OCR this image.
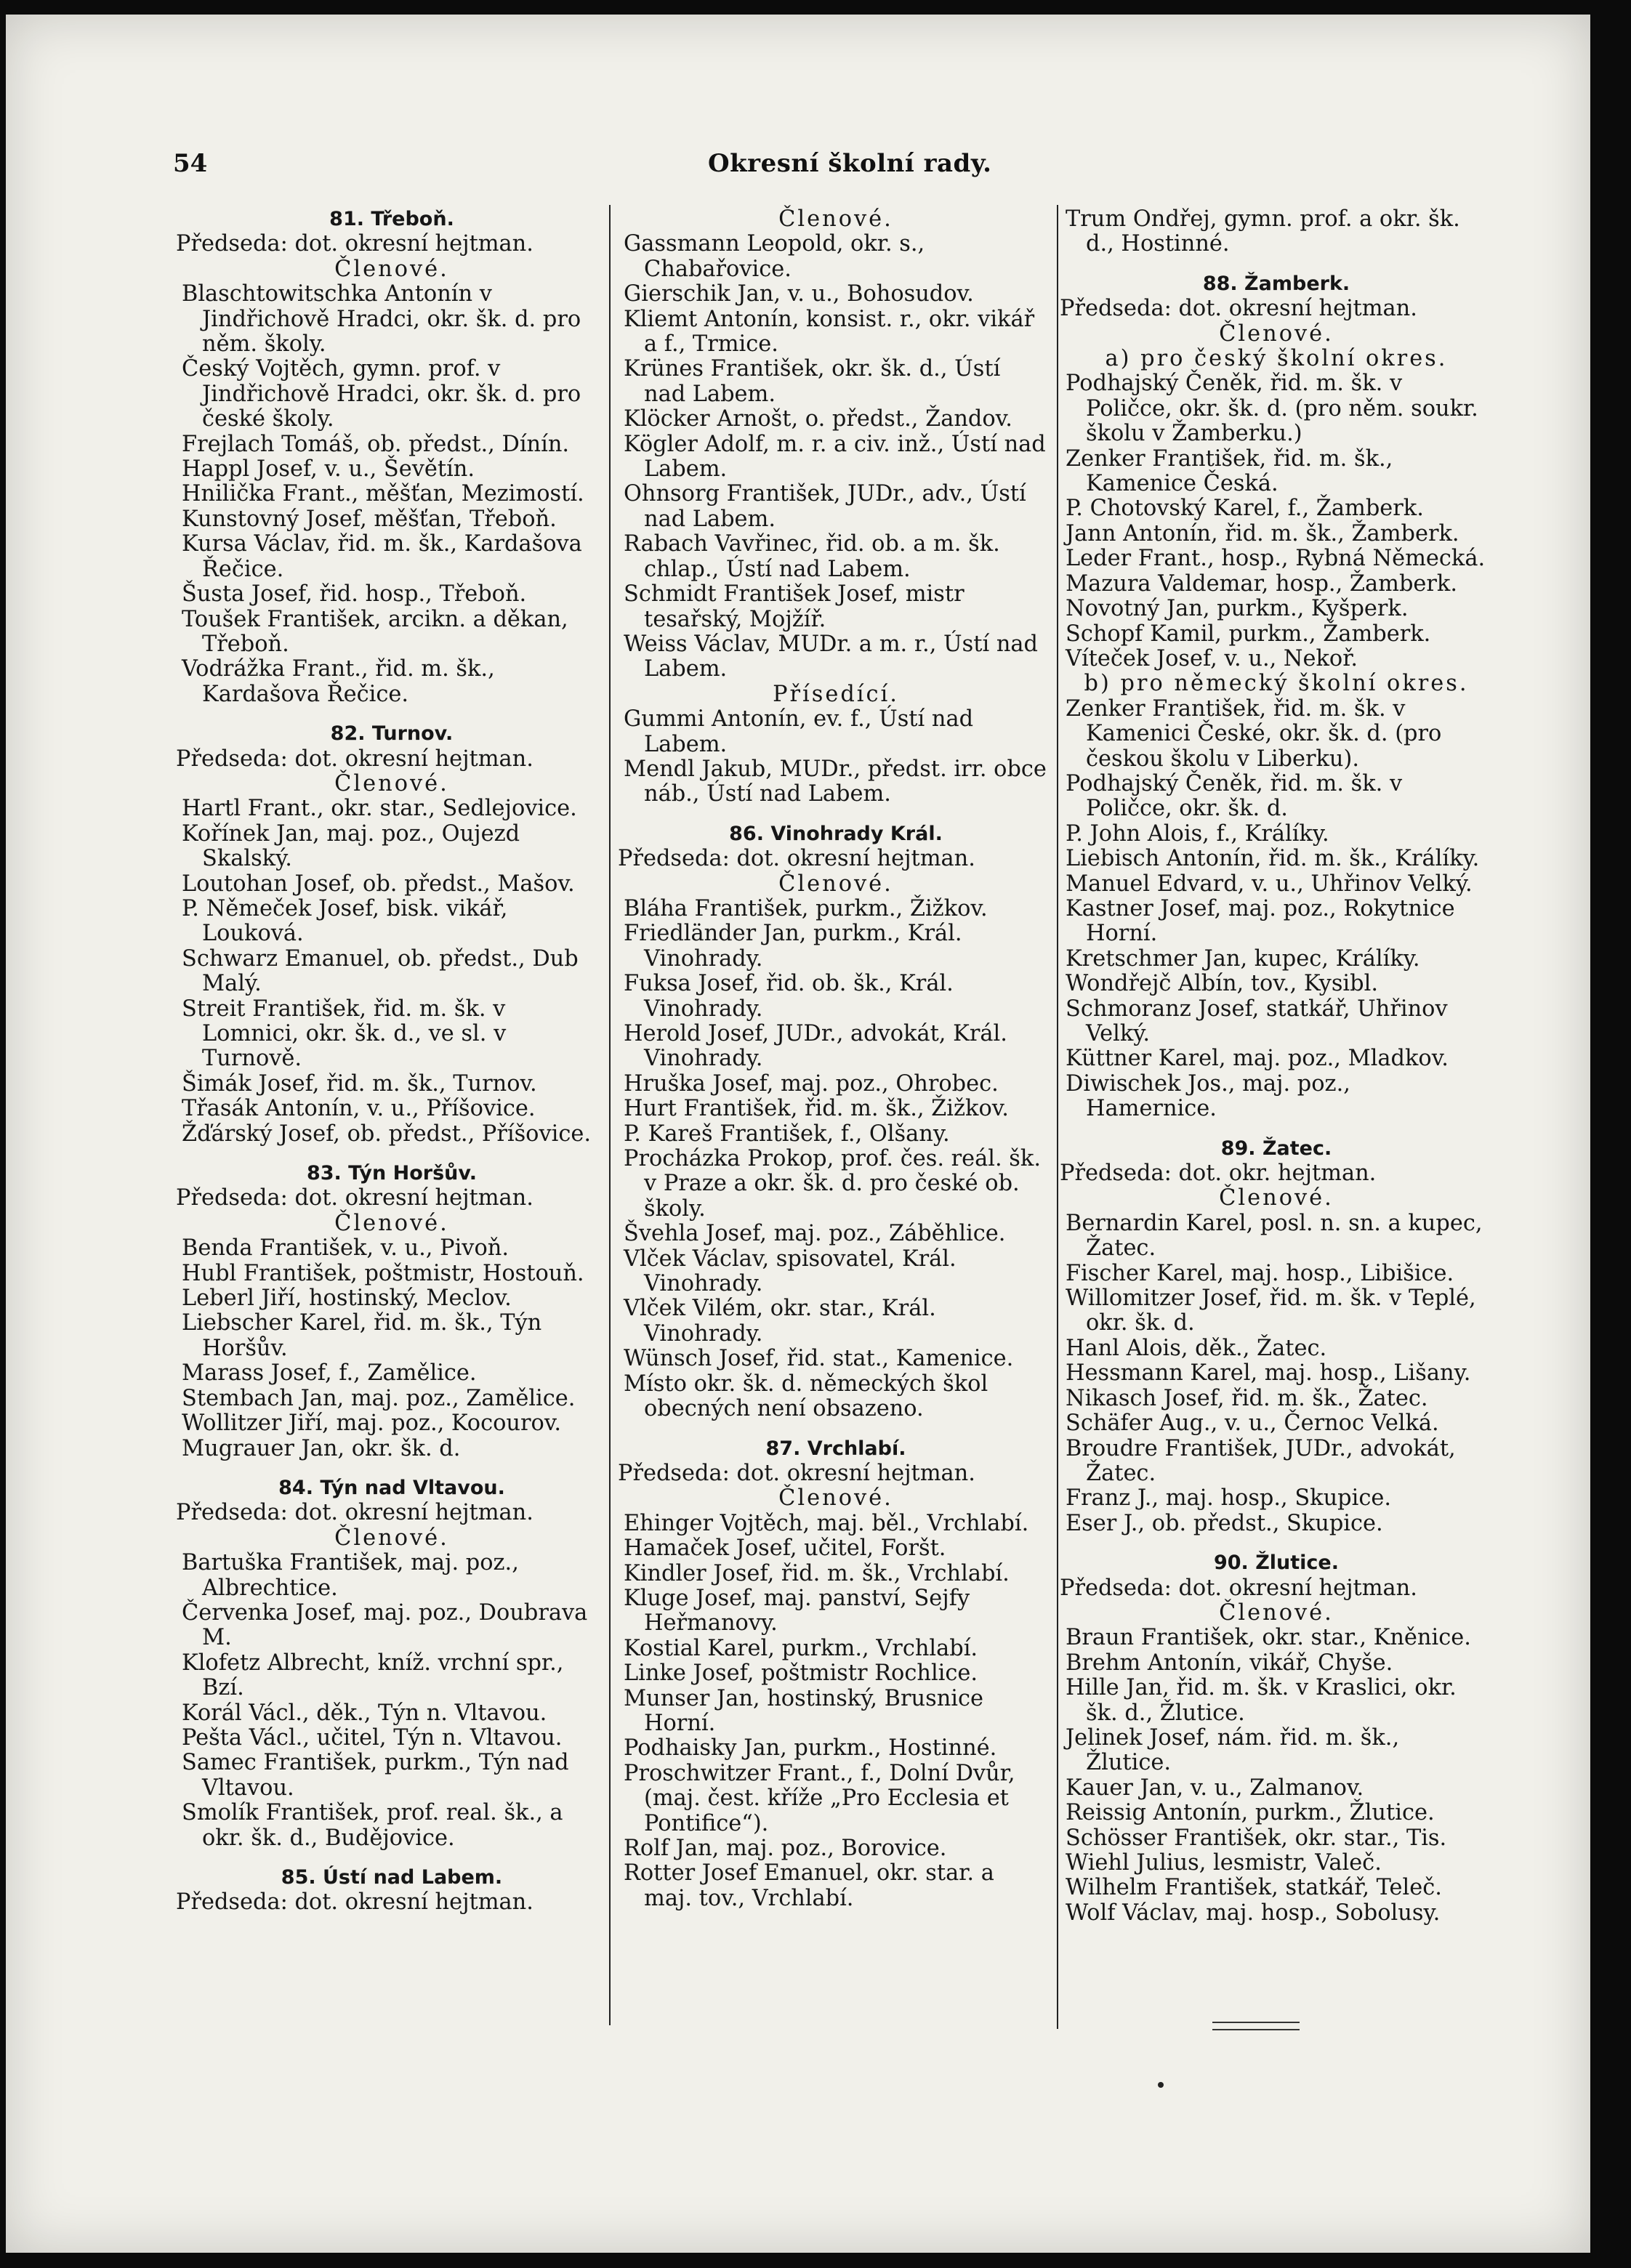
54	Okresní školní rady.
81. Třeboň.
Předseda: dot. okresní hejtman.
Členové.
Blaschtowitschka Antonín v Jindřichově Hradci, okr. šk. d. pro něm. školy.
Český Vojtěch, gymn. prof. v Jindřichově Hradci, okr. šk. d. pro české školy.
Frejlach Tomáš, ob. předst., Dínín.
Happl Josef, v. u., Ševětín.
Hnilička Frant., měšťan, Mezimostí.
Kunstovný Josef, měšťan, Třeboň.
Kursa Václav, řid. m. šk., Kardašova Řečice.
Šusta Josef, řid. hosp., Třeboň.
Toušek František, arcikn. a děkan, Třeboň.
Vodrážka Frant., řid. m. šk., Kardašova Řečice.
82. Turnov.
Předseda: dot. okresní hejtman.
Členové.
Hartl Frant., okr. star., Sedlejovice.
Kořínek Jan, maj. poz., Oujezd Skalský.
Loutohan Josef, ob. předst., Mašov.
P. Němeček Josef, bisk. vikář, Louková.
Schwarz Emanuel, ob. předst., Dub Malý.
Streit František, řid. m. šk. v Lomnici, okr. šk. d., ve sl. v Turnově.
Šimák Josef, řid. m. šk., Turnov.
Třasák Antonín, v. u., Příšovice.
Žďárský Josef, ob. předst., Příšovice.
83. Týn Horšův.
Předseda: dot. okresní hejtman.
Členové.
Benda František, v. u., Pivoň.
Hubl František, poštmistr, Hostouň.
Leberl Jiří, hostinský, Meclov.
Liebscher Karel, řid. m. šk., Týn Horšův.
Marass Josef, f., Zamělice.
Stembach Jan, maj. poz., Zamělice.
Wollitzer Jiří, maj. poz., Kocourov.
Mugrauer Jan, okr. šk. d.
84. Týn nad Vltavou.
Předseda: dot. okresní hejtman.
Členové.
Bartuška František, maj. poz., Albrechtice.
Červenka Josef, maj. poz., Doubrava M.
Klofetz Albrecht, kníž. vrchní spr., Bzí.
Korál Václ., děk., Týn n. Vltavou.
Pešta Václ., učitel, Týn n. Vltavou.
Samec František, purkm., Týn nad Vltavou.
Smolík František, prof. real. šk., a okr. šk. d., Budějovice.
85. Ústí nad Labem.
Předseda: dot. okresní hejtman.
Členové.
Gassmann Leopold, okr. s., Chabařovice.
Gierschik Jan, v. u., Bohosudov.
Kliemt Antonín, konsist. r., okr. vikář a f., Trmice.
Krünes František, okr. šk. d., Ústí nad Labem.
Klöcker Arnošt, o. předst., Žandov.
Kögler Adolf, m. r. a civ. inž., Ústí nad Labem.
Ohnsorg František, JUDr., adv., Ústí nad Labem.
Rabach Vavřinec, řid. ob. a m. šk. chlap., Ústí nad Labem.
Schmidt František Josef, mistr tesařský, Mojžíř.
Weiss Václav, MUDr. a m. r., Ústí nad Labem.
Přísedící.
Gummi Antonín, ev. f., Ústí nad Labem.
Mendl Jakub, MUDr., předst. irr. obce náb., Ústí nad Labem.
86. Vinohrady Král.
Předseda: dot. okresní hejtman.
Členové.
Bláha František, purkm., Žižkov.
Friedländer Jan, purkm., Král. Vinohrady.
Fuksa Josef, řid. ob. šk., Král. Vinohrady.
Herold Josef, JUDr., advokát, Král. Vinohrady.
Hruška Josef, maj. poz., Ohrobec.
Hurt František, řid. m. šk., Žižkov.
P. Kareš František, f., Olšany.
Procházka Prokop, prof. čes. reál. šk. v Praze a okr. šk. d. pro české ob. školy.
Švehla Josef, maj. poz., Záběhlice.
Vlček Václav, spisovatel, Král. Vinohrady.
Vlček Vilém, okr. star., Král. Vinohrady.
Wünsch Josef, řid. stat., Kamenice.
Místo okr. šk. d. německých škol obecných není obsazeno.
87. Vrchlabí.
Předseda: dot. okresní hejtman.
Členové.
Ehinger Vojtěch, maj. běl., Vrchlabí.
Hamaček Josef, učitel, Foršt.
Kindler Josef, řid. m. šk., Vrchlabí.
Kluge Josef, maj. panství, Sejfy Heřmanovy.
Kostial Karel, purkm., Vrchlabí.
Linke Josef, poštmistr Rochlice.
Munser Jan, hostinský, Brusnice Horní.
Podhaisky Jan, purkm., Hostinné.
Proschwitzer Frant., f., Dolní Dvůr, (maj. čest. kříže „Pro Ecclesia et Pontifice“).
Rolf Jan, maj. poz., Borovice.
Rotter Josef Emanuel, okr. star. a maj. tov., Vrchlabí.
Trum Ondřej, gymn. prof. a okr. šk. d., Hostinné.
88. Žamberk.
Předseda: dot. okresní hejtman.
Členové.
a) pro český školní okres.
Podhajský Čeněk, řid. m. šk. v Poličce, okr. šk. d. (pro něm. soukr. školu v Žamberku.)
Zenker František, řid. m. šk., Kamenice Česká.
P. Chotovský Karel, f., Žamberk.
Jann Antonín, řid. m. šk., Žamberk.
Leder Frant., hosp., Rybná Německá.
Mazura Valdemar, hosp., Žamberk.
Novotný Jan, purkm., Kyšperk.
Schopf Kamil, purkm., Žamberk.
Víteček Josef, v. u., Nekoř.
b) pro německý školní okres.
Zenker František, řid. m. šk. v Kamenici České, okr. šk. d. (pro českou školu v Liberku).
Podhajský Čeněk, řid. m. šk. v Poličce, okr. šk. d.
P. John Alois, f., Králíky.
Liebisch Antonín, řid. m. šk., Králíky.
Manuel Edvard, v. u., Uhřinov Velký.
Kastner Josef, maj. poz., Rokytnice Horní.
Kretschmer Jan, kupec, Králíky.
Wondřejč Albín, tov., Kysibl.
Schmoranz Josef, statkář, Uhřinov Velký.
Küttner Karel, maj. poz., Mladkov.
Diwischek Jos., maj. poz., Hamernice.
89. Žatec.
Předseda: dot. okr. hejtman.
Členové.
Bernardin Karel, posl. n. sn. a kupec, Žatec.
Fischer Karel, maj. hosp., Libišice.
Willomitzer Josef, řid. m. šk. v Teplé, okr. šk. d.
Hanl Alois, děk., Žatec.
Hessmann Karel, maj. hosp., Lišany.
Nikasch Josef, řid. m. šk., Žatec.
Schäfer Aug., v. u., Černoc Velká.
Broudre František, JUDr., advokát, Žatec.
Franz J., maj. hosp., Skupice.
Eser J., ob. předst., Skupice.
90. Žlutice.
Předseda: dot. okresní hejtman.
Členové.
Braun František, okr. star., Kněnice.
Brehm Antonín, vikář, Chyše.
Hille Jan, řid. m. šk. v Kraslici, okr. šk. d., Žlutice.
Jelinek Josef, nám. řid. m. šk., Žlutice.
Kauer Jan, v. u., Zalmanov.
Reissig Antonín, purkm., Žlutice.
Schösser František, okr. star., Tis.
Wiehl Julius, lesmistr, Valeč.
Wilhelm František, statkář, Teleč.
Wolf Václav, maj. hosp., Sobolusy.
